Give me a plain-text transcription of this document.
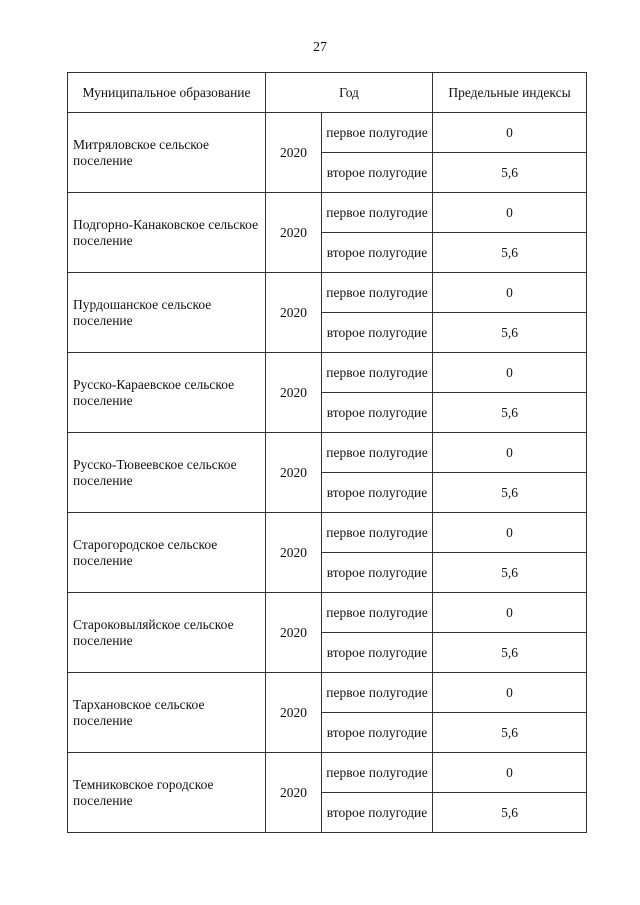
27
Муниципальное образование	Год		Предельные индексы
Митряловское сельское поселение	2020	первое полугодие	0
		второе полугодие	5,6
Подгорно-Канаковское сельское поселение	2020	первое полугодие	0
		второе полугодие	5,6
Пурдошанское сельское поселение	2020	первое полугодие	0
		второе полугодие	5,6
Русско-Караевское сельское поселение	2020	первое полугодие	0
		второе полугодие	5,6
Русско-Тювеевское сельское поселение	2020	первое полугодие	0
		второе полугодие	5,6
Старогородское сельское поселение	2020	первое полугодие	0
		второе полугодие	5,6
Староковыляйское сельское поселение	2020	первое полугодие	0
		второе полугодие	5,6
Тархановское сельское поселение	2020	первое полугодие	0
		второе полугодие	5,6
Темниковское городское поселение	2020	первое полугодие	0
		второе полугодие	5,6
